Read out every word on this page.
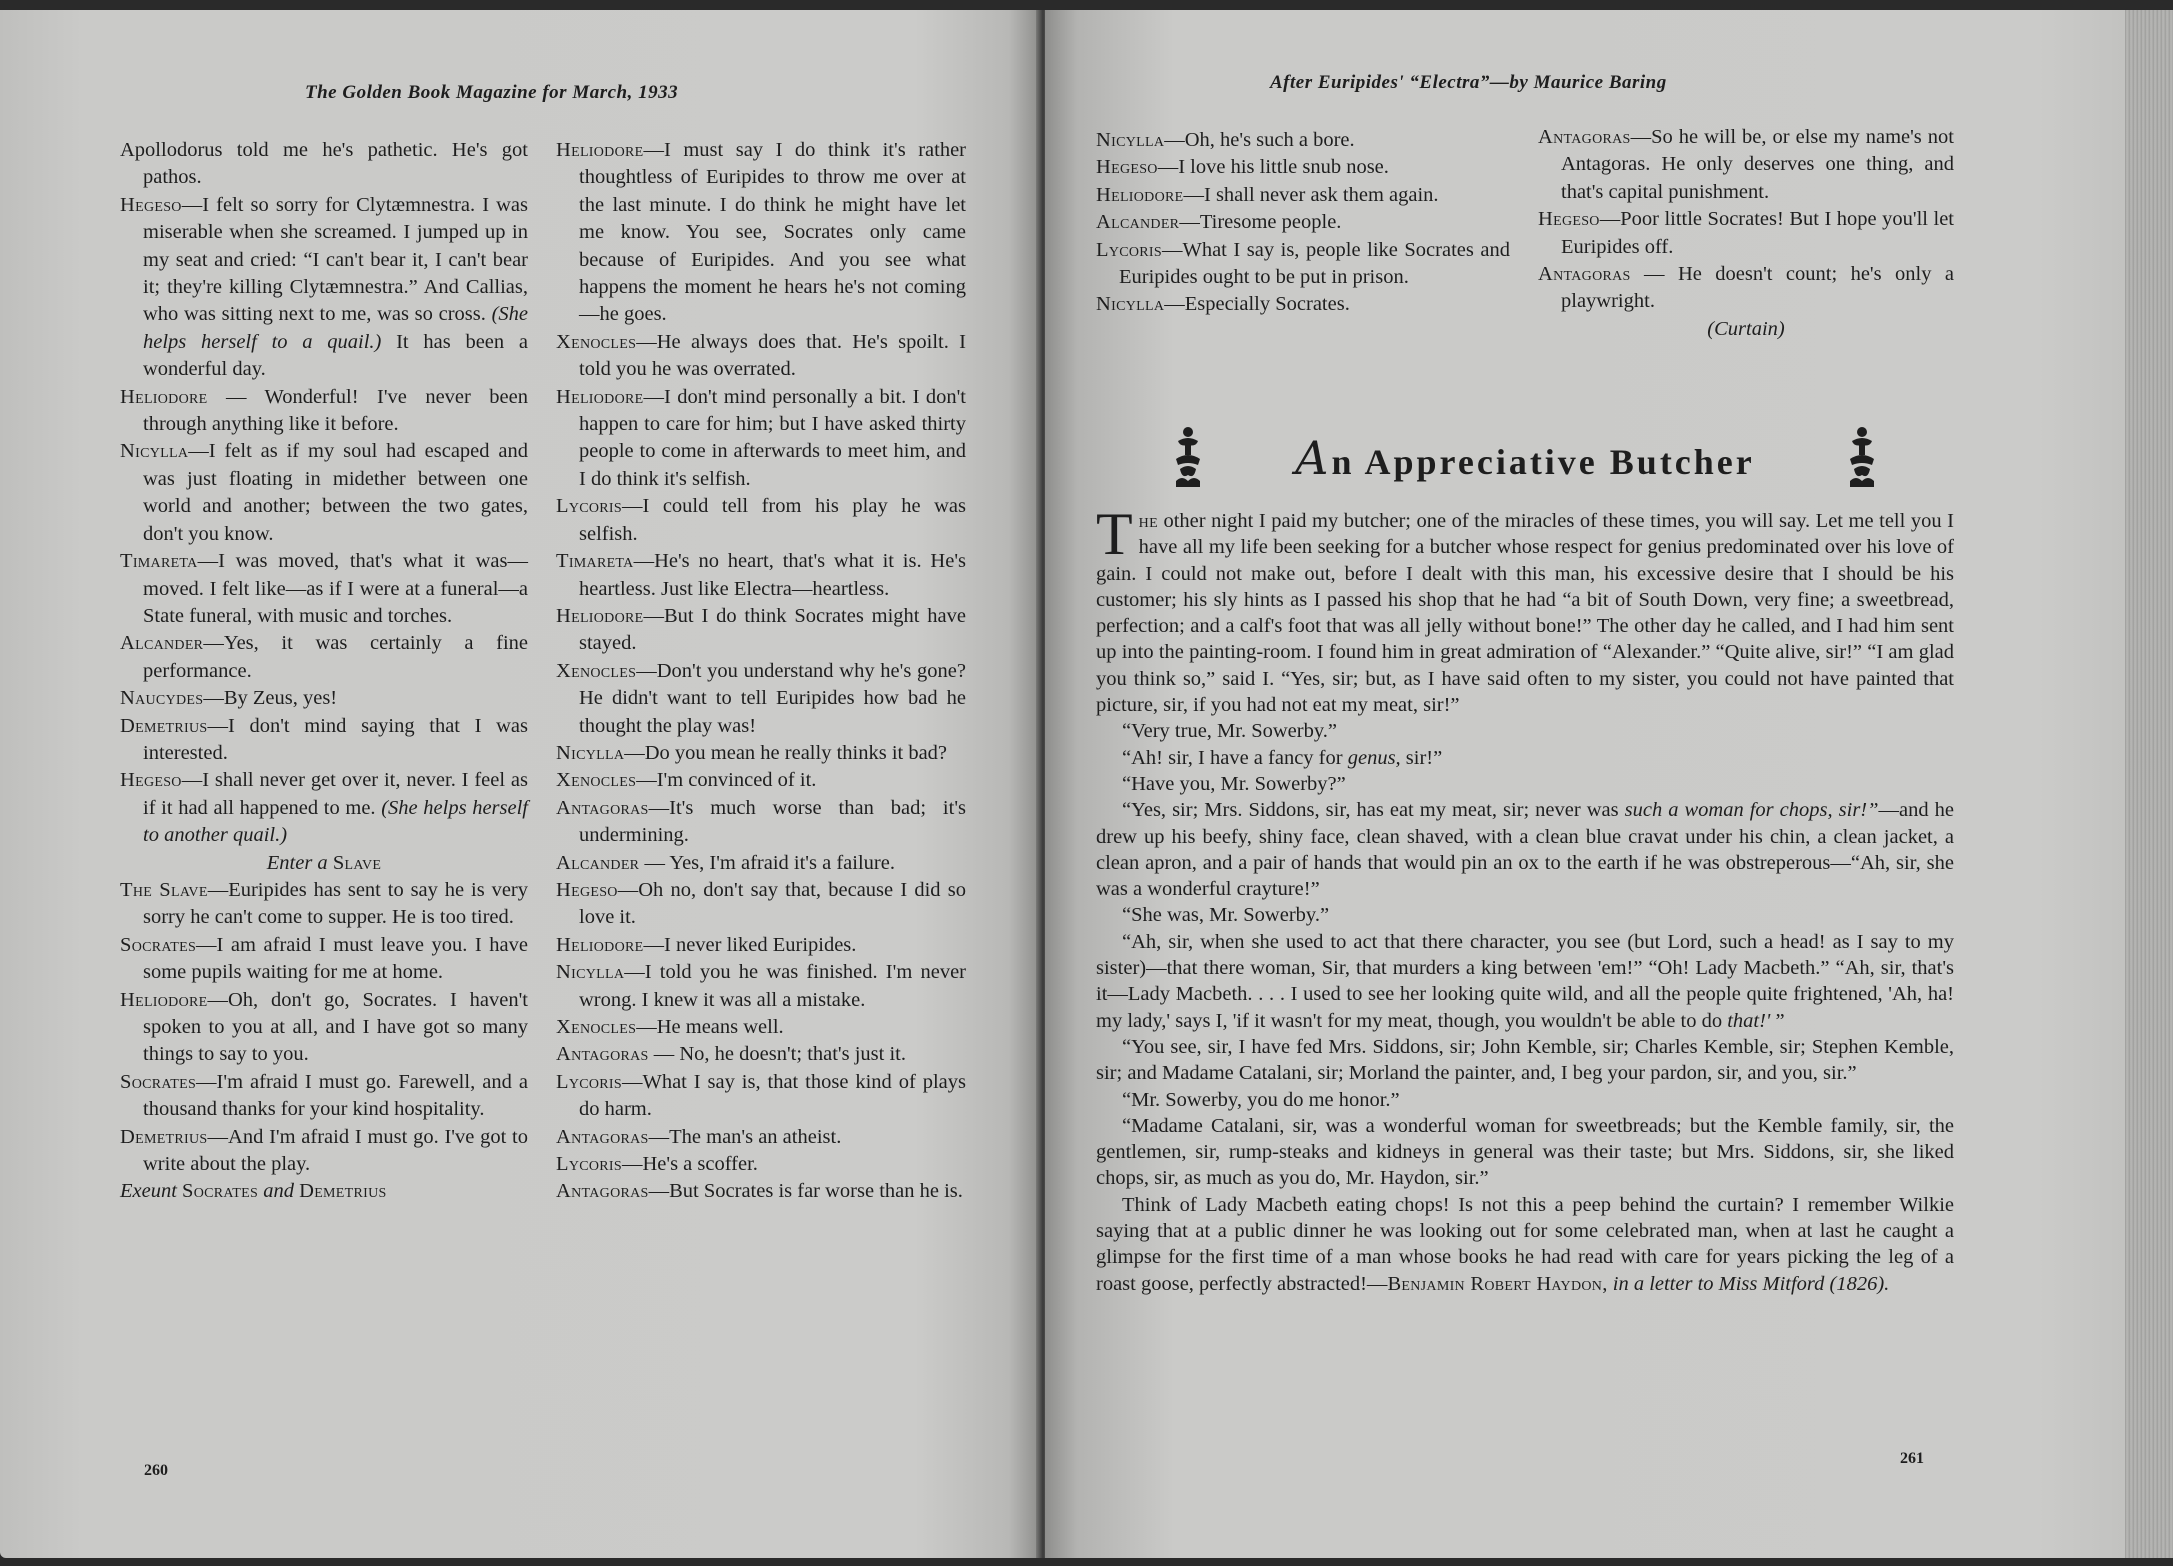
The Golden Book Magazine for March, 1933

Apollodorus told me he's pathetic. He's got pathos.

Hegeso—I felt so sorry for Clytæmnestra. I was miserable when she screamed. I jumped up in my seat and cried: “I can't bear it, I can't bear it; they're killing Clytæmnestra.” And Callias, who was sitting next to me, was so cross. (She helps herself to a quail.) It has been a wonderful day.

Heliodore — Wonderful! I've never been through anything like it before.

Nicylla—I felt as if my soul had escaped and was just floating in midether between one world and another; between the two gates, don't you know.

Timareta—I was moved, that's what it was—moved. I felt like—as if I were at a funeral—a State funeral, with music and torches.

Alcander—Yes, it was certainly a fine performance.

Naucydes—By Zeus, yes!

Demetrius—I don't mind saying that I was interested.

Hegeso—I shall never get over it, never. I feel as if it had all happened to me. (She helps herself to another quail.)

Enter a Slave

The Slave—Euripides has sent to say he is very sorry he can't come to supper. He is too tired.

Socrates—I am afraid I must leave you. I have some pupils waiting for me at home.

Heliodore—Oh, don't go, Socrates. I haven't spoken to you at all, and I have got so many things to say to you.

Socrates—I'm afraid I must go. Farewell, and a thousand thanks for your kind hospitality.

Demetrius—And I'm afraid I must go. I've got to write about the play.

Exeunt Socrates and Demetrius

Heliodore—I must say I do think it's rather thoughtless of Euripides to throw me over at the last minute. I do think he might have let me know. You see, Socrates only came because of Euripides. And you see what happens the moment he hears he's not coming—he goes.

Xenocles—He always does that. He's spoilt. I told you he was overrated.

Heliodore—I don't mind personally a bit. I don't happen to care for him; but I have asked thirty people to come in afterwards to meet him, and I do think it's selfish.

Lycoris—I could tell from his play he was selfish.

Timareta—He's no heart, that's what it is. He's heartless. Just like Electra—heartless.

Heliodore—But I do think Socrates might have stayed.

Xenocles—Don't you understand why he's gone? He didn't want to tell Euripides how bad he thought the play was!

Nicylla—Do you mean he really thinks it bad?

Xenocles—I'm convinced of it.

Antagoras—It's much worse than bad; it's undermining.

Alcander — Yes, I'm afraid it's a failure.

Hegeso—Oh no, don't say that, because I did so love it.

Heliodore—I never liked Euripides.

Nicylla—I told you he was finished. I'm never wrong. I knew it was all a mistake.

Xenocles—He means well.

Antagoras — No, he doesn't; that's just it.

Lycoris—What I say is, that those kind of plays do harm.

Antagoras—The man's an atheist.

Lycoris—He's a scoffer.

Antagoras—But Socrates is far worse than he is.

260
After Euripides' “Electra”—by Maurice Baring

Nicylla—Oh, he's such a bore.

Hegeso—I love his little snub nose.

Heliodore—I shall never ask them again.

Alcander—Tiresome people.

Lycoris—What I say is, people like Socrates and Euripides ought to be put in prison.

Nicylla—Especially Socrates.

Antagoras—So he will be, or else my name's not Antagoras. He only deserves one thing, and that's capital punishment.

Hegeso—Poor little Socrates! But I hope you'll let Euripides off.

Antagoras — He doesn't count; he's only a playwright.

(Curtain)

An Appreciative Butcher

The other night I paid my butcher; one of the miracles of these times, you will say. Let me tell you I have all my life been seeking for a butcher whose respect for genius predominated over his love of gain. I could not make out, before I dealt with this man, his excessive desire that I should be his customer; his sly hints as I passed his shop that he had “a bit of South Down, very fine; a sweetbread, perfection; and a calf's foot that was all jelly without bone!” The other day he called, and I had him sent up into the painting-room. I found him in great admiration of “Alexander.” “Quite alive, sir!” “I am glad you think so,” said I. “Yes, sir; but, as I have said often to my sister, you could not have painted that picture, sir, if you had not eat my meat, sir!”

“Very true, Mr. Sowerby.”

“Ah! sir, I have a fancy for genus, sir!”

“Have you, Mr. Sowerby?”

“Yes, sir; Mrs. Siddons, sir, has eat my meat, sir; never was such a woman for chops, sir!”—and he drew up his beefy, shiny face, clean shaved, with a clean blue cravat under his chin, a clean jacket, a clean apron, and a pair of hands that would pin an ox to the earth if he was obstreperous—“Ah, sir, she was a wonderful crayture!”

“She was, Mr. Sowerby.”

“Ah, sir, when she used to act that there character, you see (but Lord, such a head! as I say to my sister)—that there woman, Sir, that murders a king between 'em!” “Oh! Lady Macbeth.” “Ah, sir, that's it—Lady Macbeth. . . . I used to see her looking quite wild, and all the people quite frightened, 'Ah, ha! my lady,' says I, 'if it wasn't for my meat, though, you wouldn't be able to do that!' ”

“You see, sir, I have fed Mrs. Siddons, sir; John Kemble, sir; Charles Kemble, sir; Stephen Kemble, sir; and Madame Catalani, sir; Morland the painter, and, I beg your pardon, sir, and you, sir.”

“Mr. Sowerby, you do me honor.”

“Madame Catalani, sir, was a wonderful woman for sweetbreads; but the Kemble family, sir, the gentlemen, sir, rump-steaks and kidneys in general was their taste; but Mrs. Siddons, sir, she liked chops, sir, as much as you do, Mr. Haydon, sir.”

Think of Lady Macbeth eating chops! Is not this a peep behind the curtain? I remember Wilkie saying that at a public dinner he was looking out for some celebrated man, when at last he caught a glimpse for the first time of a man whose books he had read with care for years picking the leg of a roast goose, perfectly abstracted!—Benjamin Robert Haydon, in a letter to Miss Mitford (1826).

261
